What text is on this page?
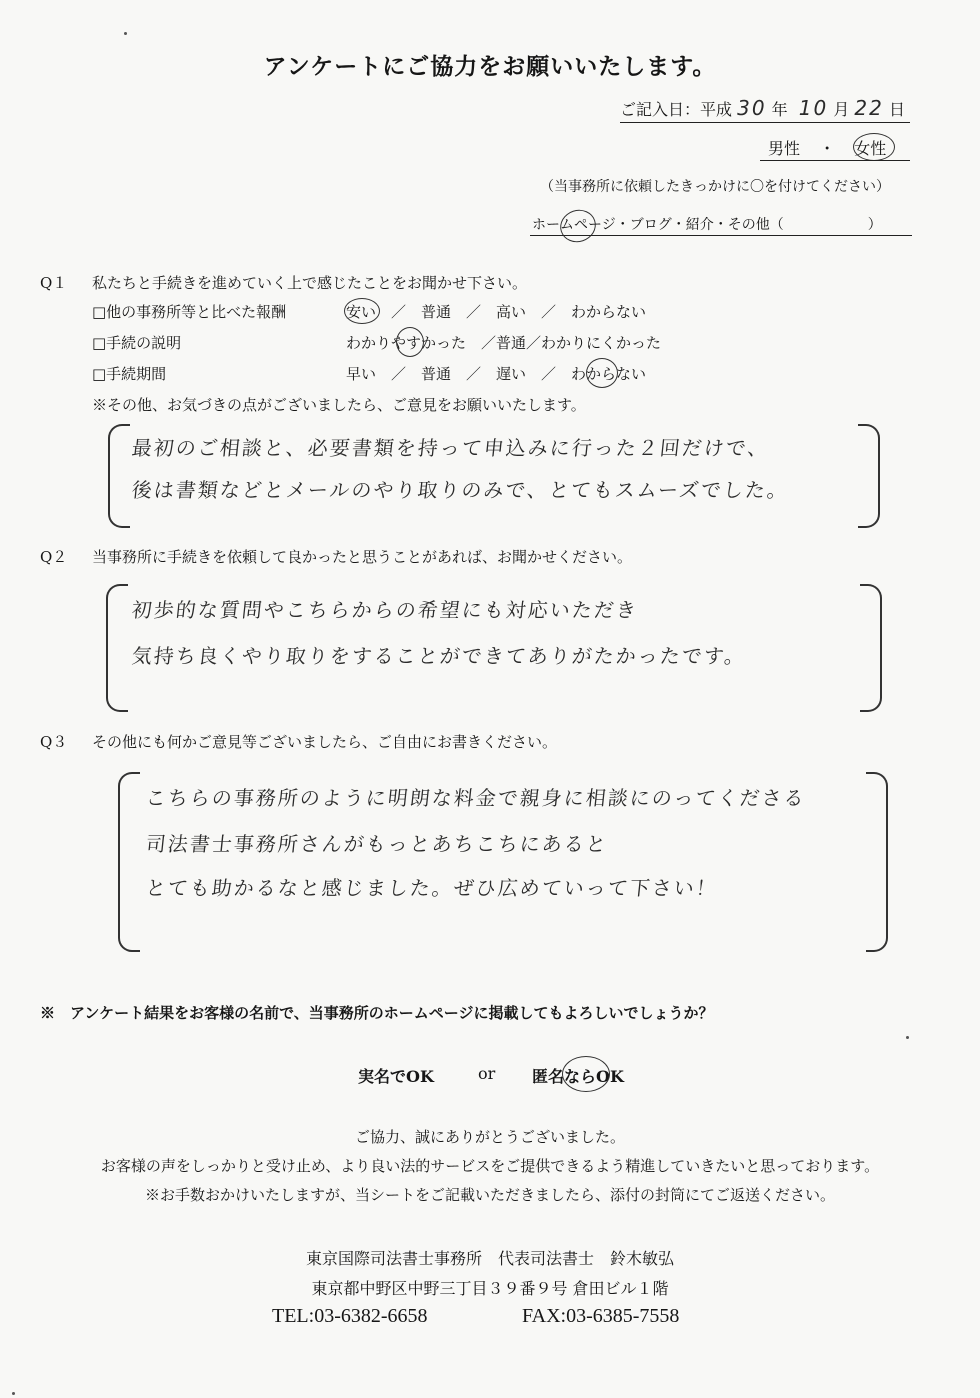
アンケートにご協力をお願いいたします。
ご記入日：平成 30 年 10 月 22 日
男性 ・ 女性
（当事務所に依頼したきっかけに〇を付けてください）
ホームページ・ブログ・紹介・その他（　　　　　　）
Q１ 私たちと手続きを進めていく上で感じたことをお聞かせ下さい。
□他の事務所等と比べた報酬	安い　／　普通　／　高い　／　わからない
□手続の説明	わかりやすかった　／普通／わかりにくかった
□手続期間	早い　／　普通　／　遅い　／　わからない
※その他、お気づきの点がございましたら、ご意見をお願いいたします。
最初のご相談と、必要書類を持って申込みに行った２回だけで、
後は書類などとメールのやり取りのみで、とてもスムーズでした。
Q２ 当事務所に手続きを依頼して良かったと思うことがあれば、お聞かせください。
初歩的な質問やこちらからの希望にも対応いただき
気持ち良くやり取りをすることができてありがたかったです。
Q３ その他にも何かご意見等ございましたら、ご自由にお書きください。
こちらの事務所のように明朗な料金で親身に相談にのってくださる
司法書士事務所さんがもっとあちこちにあると
とても助かるなと感じました。ぜひ広めていって下さい！
※　アンケート結果をお客様の名前で、当事務所のホームページに掲載してもよろしいでしょうか？
実名でOK	or 匿名ならOK
ご協力、誠にありがとうございました。
お客様の声をしっかりと受け止め、より良い法的サービスをご提供できるよう精進していきたいと思っております。
※お手数おかけいたしますが、当シートをご記載いただきましたら、添付の封筒にてご返送ください。
東京国際司法書士事務所　代表司法書士　鈴木敏弘
東京都中野区中野三丁目３９番９号 倉田ビル１階
TEL:03-6382-6658	FAX:03-6385-7558
